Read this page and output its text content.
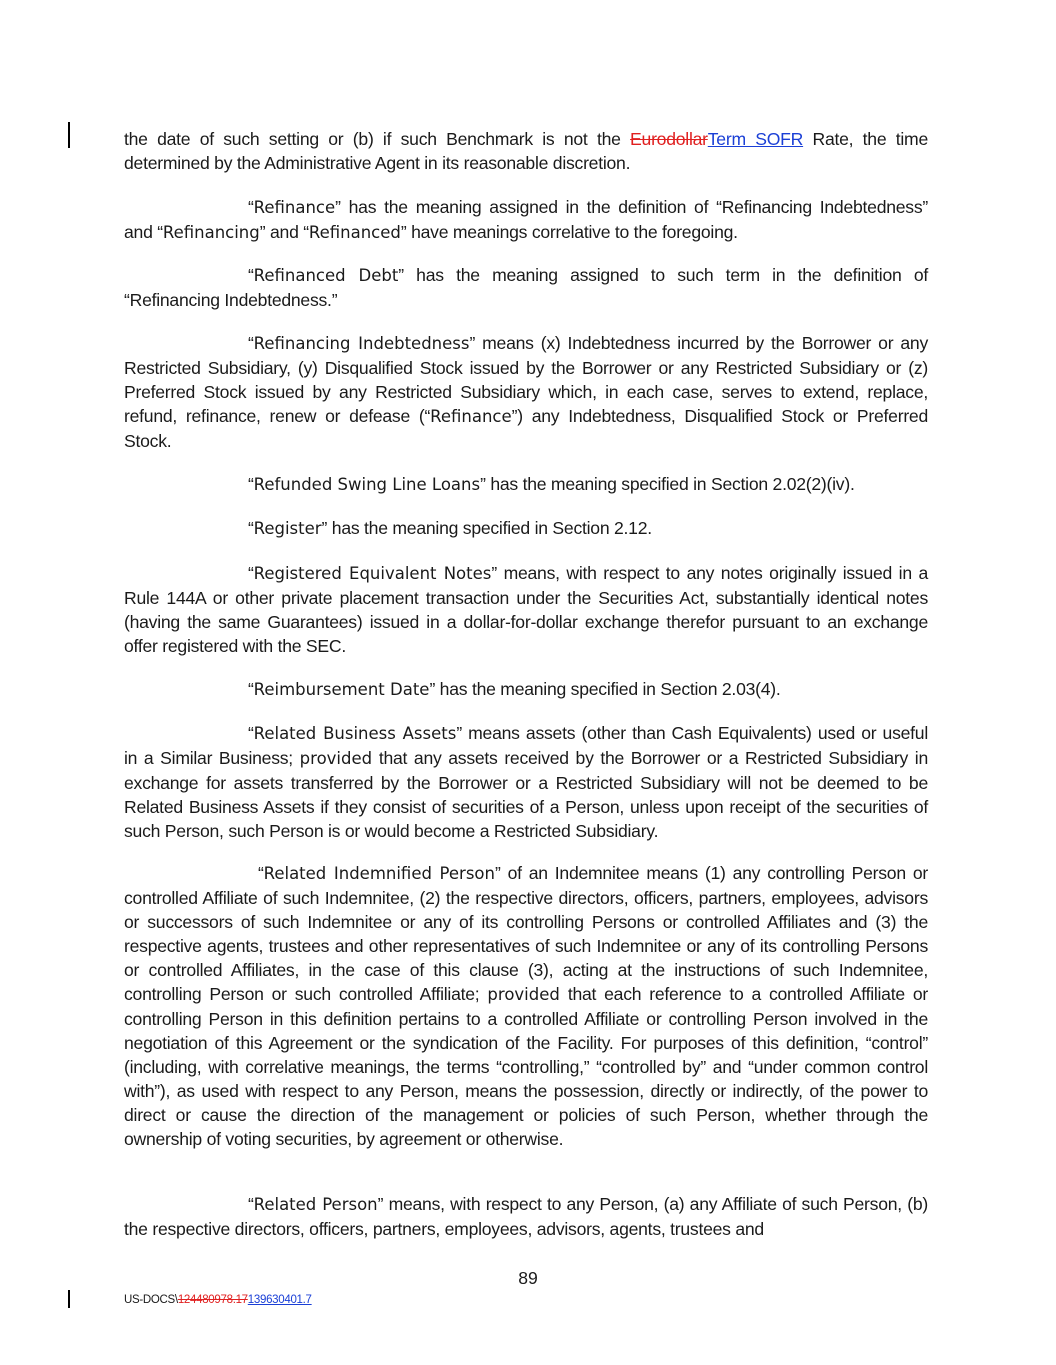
the date of such setting or (b) if such Benchmark is not the EurodollarTerm SOFR Rate, the time determined by the Administrative Agent in its reasonable discretion.

“Refinance” has the meaning assigned in the definition of “Refinancing Indebtedness” and “Refinancing” and “Refinanced” have meanings correlative to the foregoing.

“Refinanced Debt” has the meaning assigned to such term in the definition of “Refinancing Indebtedness.”

“Refinancing Indebtedness” means (x) Indebtedness incurred by the Borrower or any Restricted Subsidiary, (y) Disqualified Stock issued by the Borrower or any Restricted Subsidiary or (z) Preferred Stock issued by any Restricted Subsidiary which, in each case, serves to extend, replace, refund, refinance, renew or defease (“Refinance”) any Indebtedness, Disqualified Stock or Preferred Stock.

“Refunded Swing Line Loans” has the meaning specified in Section 2.02(2)(iv).

“Register” has the meaning specified in Section 2.12.

“Registered Equivalent Notes” means, with respect to any notes originally issued in a Rule 144A or other private placement transaction under the Securities Act, substantially identical notes (having the same Guarantees) issued in a dollar-for-dollar exchange therefor pursuant to an exchange offer registered with the SEC.

“Reimbursement Date” has the meaning specified in Section 2.03(4).

“Related Business Assets” means assets (other than Cash Equivalents) used or useful in a Similar Business; provided that any assets received by the Borrower or a Restricted Subsidiary in exchange for assets transferred by the Borrower or a Restricted Subsidiary will not be deemed to be Related Business Assets if they consist of securities of a Person, unless upon receipt of the securities of such Person, such Person is or would become a Restricted Subsidiary.

“Related Indemnified Person” of an Indemnitee means (1) any controlling Person or controlled Affiliate of such Indemnitee, (2) the respective directors, officers, partners, employees, advisors or successors of such Indemnitee or any of its controlling Persons or controlled Affiliates and (3) the respective agents, trustees and other representatives of such Indemnitee or any of its controlling Persons or controlled Affiliates, in the case of this clause (3), acting at the instructions of such Indemnitee, controlling Person or such controlled Affiliate; provided that each reference to a controlled Affiliate or controlling Person in this definition pertains to a controlled Affiliate or controlling Person involved in the negotiation of this Agreement or the syndication of the Facility. For purposes of this definition, “control” (including, with correlative meanings, the terms “controlling,” “controlled by” and “under common control with”), as used with respect to any Person, means the possession, directly or indirectly, of the power to direct or cause the direction of the management or policies of such Person, whether through the ownership of voting securities, by agreement or otherwise.

“Related Person” means, with respect to any Person, (a) any Affiliate of such Person, (b) the respective directors, officers, partners, employees, advisors, agents, trustees and

89
US-DOCS\124480978.17139630401.7
